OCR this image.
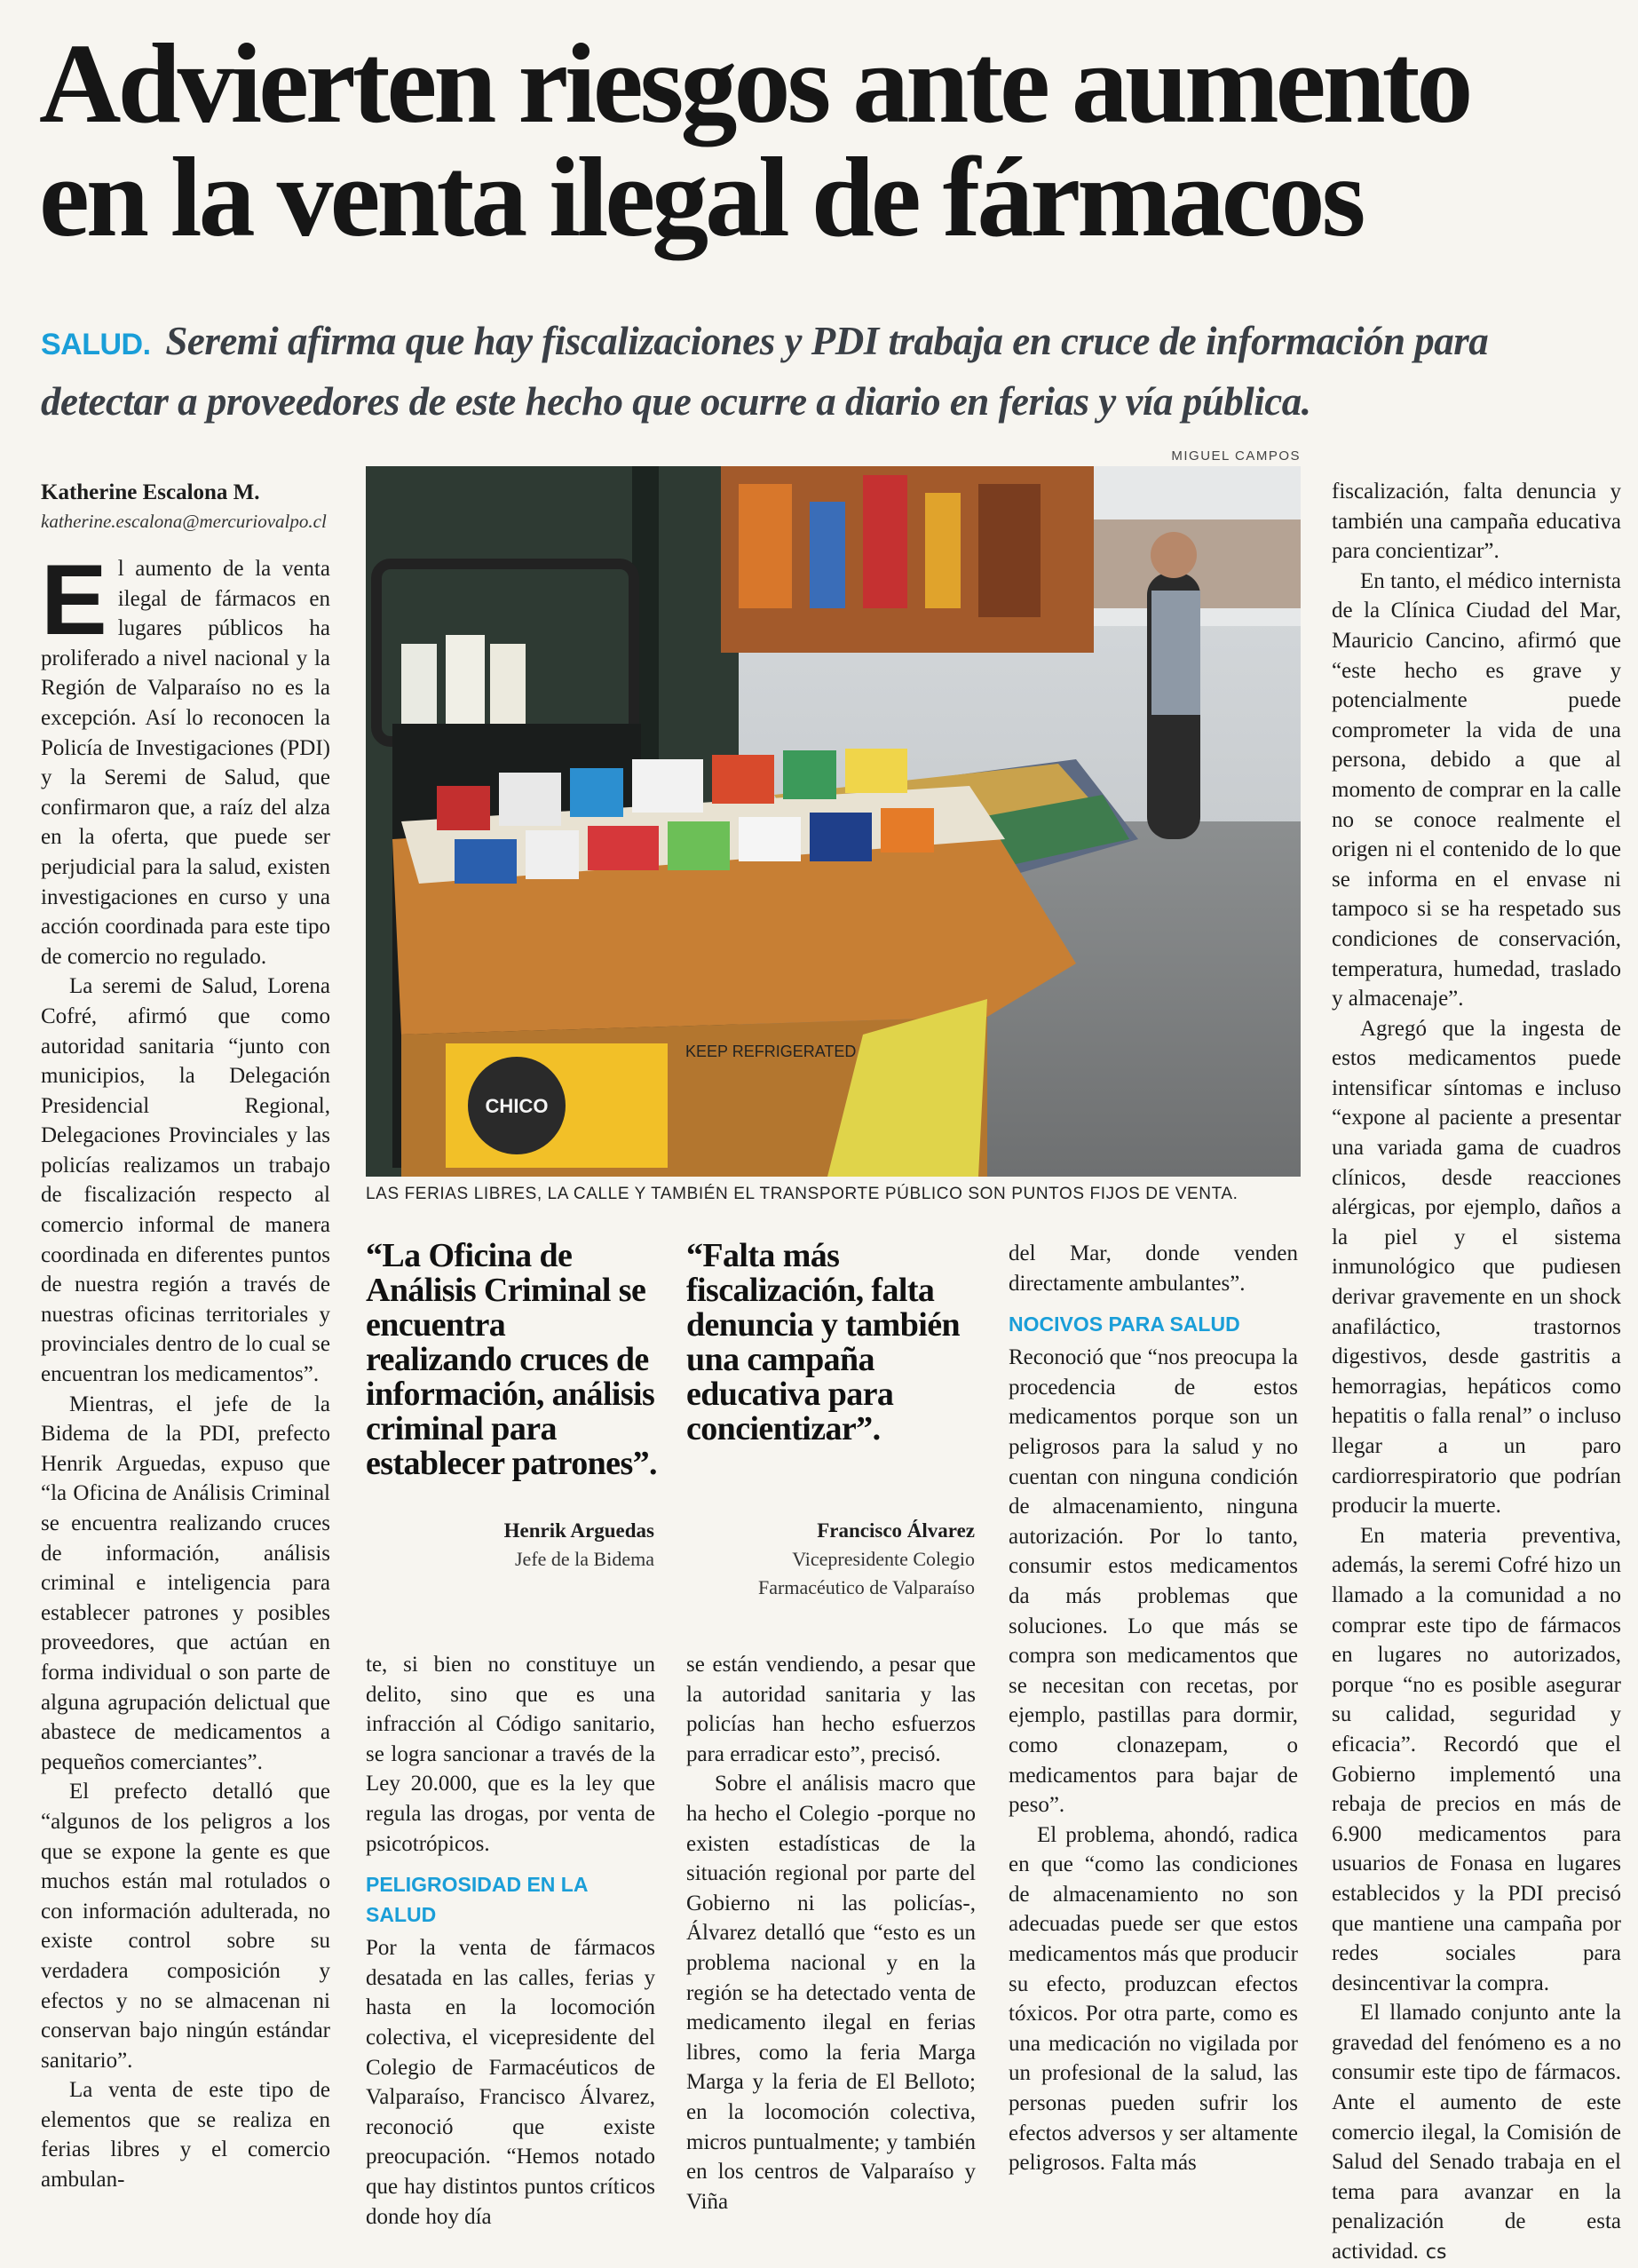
Advierten riesgos ante aumento
en la venta ilegal de fármacos

SALUD. Seremi afirma que hay fiscalizaciones y PDI trabaja en cruce de información para detectar a proveedores de este hecho que ocurre a diario en ferias y vía pública.

Katherine Escalona M.
katherine.escalona@mercuriovalpo.cl

El aumento de la venta ilegal de fármacos en lugares públicos ha proliferado a nivel nacional y la Región de Valparaíso no es la excepción. Así lo reconocen la Policía de Investigaciones (PDI) y la Seremi de Salud, que confirmaron que, a raíz del alza en la oferta, que puede ser perjudicial para la salud, existen investigaciones en curso y una acción coordinada para este tipo de comercio no regulado.

La seremi de Salud, Lorena Cofré, afirmó que como autoridad sanitaria “junto con municipios, la Delegación Presidencial Regional, Delegaciones Provinciales y las policías realizamos un trabajo de fiscalización respecto al comercio informal de manera coordinada en diferentes puntos de nuestra región a través de nuestras oficinas territoriales y provinciales dentro de lo cual se encuentran los medicamentos”.

Mientras, el jefe de la Bidema de la PDI, prefecto Henrik Arguedas, expuso que “la Oficina de Análisis Criminal se encuentra realizando cruces de información, análisis criminal e inteligencia para establecer patrones y posibles proveedores, que actúan en forma individual o son parte de alguna agrupación delictual que abastece de medicamentos a pequeños comerciantes”.

El prefecto detalló que “algunos de los peligros a los que se expone la gente es que muchos están mal rotulados o con información adulterada, no existe control sobre su verdadera composición y efectos y no se almacenan ni conservan bajo ningún estándar sanitario”.

La venta de este tipo de elementos que se realiza en ferias libres y el comercio ambulan-

MIGUEL CAMPOS
CHICO
KEEP REFRIGERATED
LAS FERIAS LIBRES, LA CALLE Y TAMBIÉN EL TRANSPORTE PÚBLICO SON PUNTOS FIJOS DE VENTA.
“La Oficina de Análisis Criminal se encuentra realizando cruces de información, análisis criminal para establecer patrones”.
Henrik Arguedas
Jefe de la Bidema
“Falta más fiscalización, falta denuncia y también una campaña educativa para concientizar”.
Francisco Álvarez
Vicepresidente Colegio
Farmacéutico de Valparaíso

te, si bien no constituye un delito, sino que es una infracción al Código sanitario, se logra sancionar a través de la Ley 20.000, que es la ley que regula las drogas, por venta de psicotrópicos.

PELIGROSIDAD EN LA SALUD

Por la venta de fármacos desatada en las calles, ferias y hasta en la locomoción colectiva, el vicepresidente del Colegio de Farmacéuticos de Valparaíso, Francisco Álvarez, reconoció que existe preocupación. “Hemos notado que hay distintos puntos críticos donde hoy día

se están vendiendo, a pesar que la autoridad sanitaria y las policías han hecho esfuerzos para erradicar esto”, precisó.

Sobre el análisis macro que ha hecho el Colegio -porque no existen estadísticas de la situación regional por parte del Gobierno ni las policías-, Álvarez detalló que “esto es un problema nacional y en la región se ha detectado venta de medicamento ilegal en ferias libres, como la feria Marga Marga y la feria de El Belloto; en la locomoción colectiva, micros puntualmente; y también en los centros de Valparaíso y Viña

del Mar, donde venden directamente ambulantes”.

NOCIVOS PARA SALUD

Reconoció que “nos preocupa la procedencia de estos medicamentos porque son un peligrosos para la salud y no cuentan con ninguna condición de almacenamiento, ninguna autorización. Por lo tanto, consumir estos medicamentos da más problemas que soluciones. Lo que más se compra son medicamentos que se necesitan con recetas, por ejemplo, pastillas para dormir, como clonazepam, o medicamentos para bajar de peso”.

El problema, ahondó, radica en que “como las condiciones de almacenamiento no son adecuadas puede ser que estos medicamentos más que producir su efecto, produzcan efectos tóxicos. Por otra parte, como es una medicación no vigilada por un profesional de la salud, las personas pueden sufrir los efectos adversos y ser altamente peligrosos. Falta más

fiscalización, falta denuncia y también una campaña educativa para concientizar”.

En tanto, el médico internista de la Clínica Ciudad del Mar, Mauricio Cancino, afirmó que “este hecho es grave y potencialmente puede comprometer la vida de una persona, debido a que al momento de comprar en la calle no se conoce realmente el origen ni el contenido de lo que se informa en el envase ni tampoco si se ha respetado sus condiciones de conservación, temperatura, humedad, traslado y almacenaje”.

Agregó que la ingesta de estos medicamentos puede intensificar síntomas e incluso “expone al paciente a presentar una variada gama de cuadros clínicos, desde reacciones alérgicas, por ejemplo, daños a la piel y el sistema inmunológico que pudiesen derivar gravemente en un shock anafiláctico, trastornos digestivos, desde gastritis a hemorragias, hepáticos como hepatitis o falla renal” o incluso llegar a un paro cardiorrespiratorio que podrían producir la muerte.

En materia preventiva, además, la seremi Cofré hizo un llamado a la comunidad a no comprar este tipo de fármacos en lugares no autorizados, porque “no es posible asegurar su calidad, seguridad y eficacia”. Recordó que el Gobierno implementó una rebaja de precios en más de 6.900 medicamentos para usuarios de Fonasa en lugares establecidos y la PDI precisó que mantiene una campaña por redes sociales para desincentivar la compra.

El llamado conjunto ante la gravedad del fenómeno es a no consumir este tipo de fármacos. Ante el aumento de este comercio ilegal, la Comisión de Salud del Senado trabaja en el tema para avanzar en la penalización de esta actividad. cs
